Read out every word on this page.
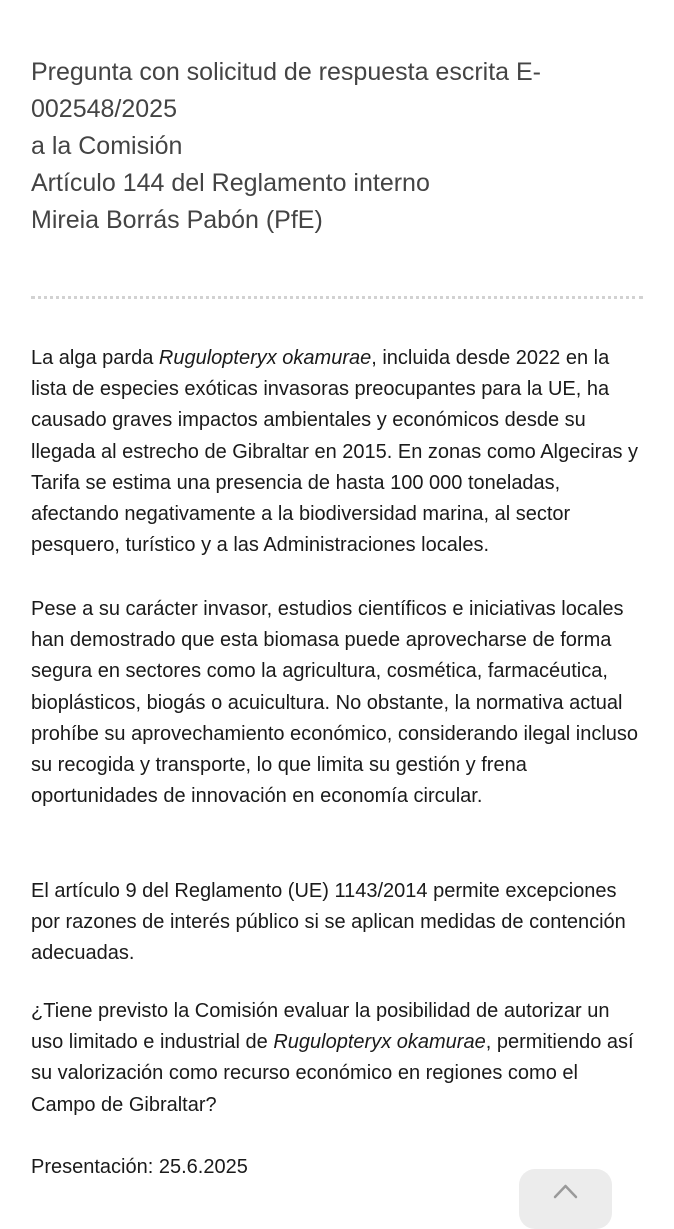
Pregunta con solicitud de respuesta escrita E-
002548/2025
a la Comisión
Artículo 144 del Reglamento interno
Mireia Borrás Pabón (PfE)

La alga parda Rugulopteryx okamurae, incluida desde 2022 en la lista de especies exóticas invasoras preocupantes para la UE, ha causado graves impactos ambientales y económicos desde su llegada al estrecho de Gibraltar en 2015. En zonas como Algeciras y Tarifa se estima una presencia de hasta 100 000 toneladas, afectando negativamente a la biodiversidad marina, al sector pesquero, turístico y a las Administraciones locales.

Pese a su carácter invasor, estudios científicos e iniciativas locales han demostrado que esta biomasa puede aprovecharse de forma segura en sectores como la agricultura, cosmética, farmacéutica, bioplásticos, biogás o acuicultura. No obstante, la normativa actual prohíbe su aprovechamiento económico, considerando ilegal incluso su recogida y transporte, lo que limita su gestión y frena oportunidades de innovación en economía circular.

El artículo 9 del Reglamento (UE) 1143/2014 permite excepciones por razones de interés público si se aplican medidas de contención adecuadas.

¿Tiene previsto la Comisión evaluar la posibilidad de autorizar un uso limitado e industrial de Rugulopteryx okamurae, permitiendo así su valorización como recurso económico en regiones como el Campo de Gibraltar?

Presentación: 25.6.2025
